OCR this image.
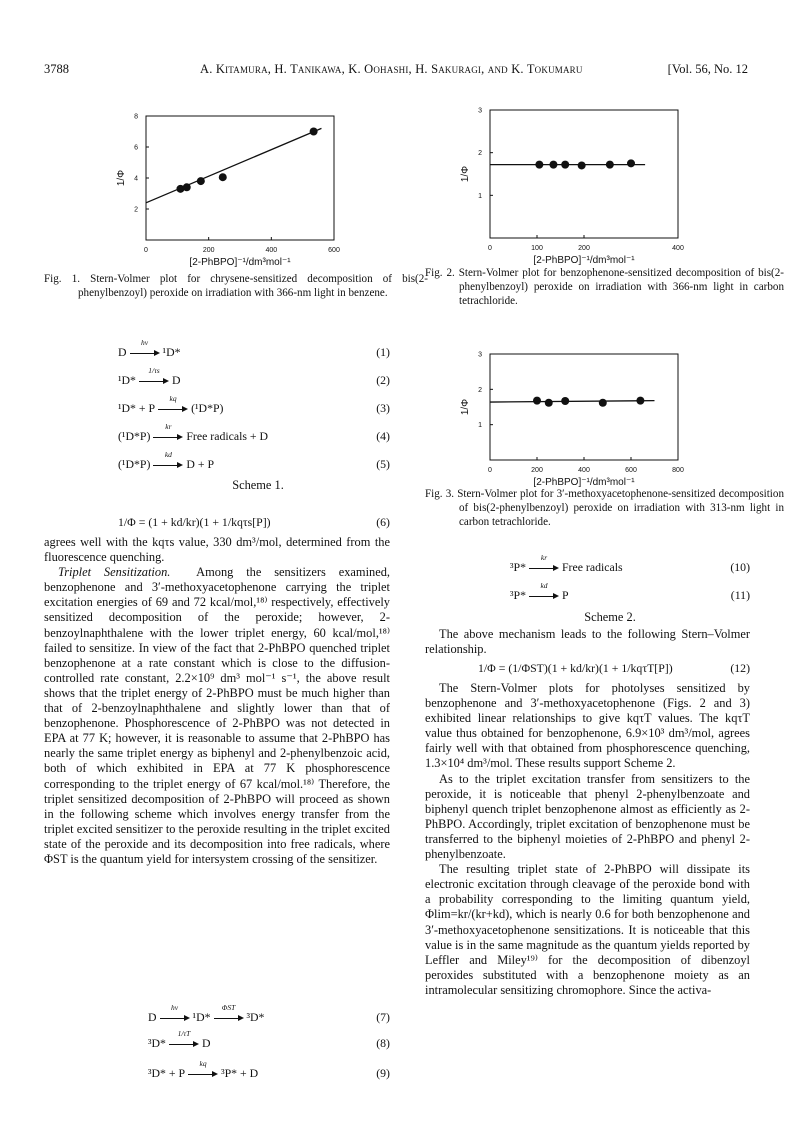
3788	A. Kitamura, H. Tanikawa, K. Oohashi, H. Sakuragi, and K. Tokumaru	[Vol. 56, No. 12
0	200	400	600
2
4
6
8
[2-PhBPO]⁻¹/dm³mol⁻¹
1/Φ
Fig. 1. Stern-Volmer plot for chrysene-sensitized decomposition of bis(2-phenylbenzoyl) peroxide on irradiation with 366-nm light in benzene.
0	100	200	400
1
2
3
[2-PhBPO]⁻¹/dm³mol⁻¹
1/Φ
Fig. 2. Stern-Volmer plot for benzophenone-sensitized decomposition of bis(2-phenylbenzoyl) peroxide on irradiation with 366-nm light in carbon tetrachloride.
0	200	400	600	800
1
2
3
[2-PhBPO]⁻¹/dm³mol⁻¹
1/Φ
Fig. 3. Stern-Volmer plot for 3′-methoxyacetophenone-sensitized decomposition of bis(2-phenylbenzoyl) peroxide on irradiation with 313-nm light in carbon tetrachloride.
D
hν
¹D*	(1)
¹D*
1/τs
D	(2)
¹D* + P
kq
(¹D*P)	(3)
(¹D*P)
kr
Free radicals + D	(4)
(¹D*P)
kd
D + P	(5)
Scheme 1.
1/Φ = (1 + kd/kr)(1 + 1/kqτs[P])	(6)

agrees well with the kqτs value, 330 dm³/mol, determined from the fluorescence quenching.

Triplet Sensitization. Among the sensitizers examined, benzophenone and 3′-methoxyacetophenone carrying the triplet excitation energies of 69 and 72 kcal/mol,¹⁸⁾ respectively, effectively sensitized decomposition of the peroxide; however, 2-benzoylnaphthalene with the lower triplet energy, 60 kcal/mol,¹⁸⁾ failed to sensitize. In view of the fact that 2-PhBPO quenched triplet benzophenone at a rate constant which is close to the diffusion-controlled rate constant, 2.2×10⁹ dm³ mol⁻¹ s⁻¹, the above result shows that the triplet energy of 2-PhBPO must be much higher than that of 2-benzoylnaphthalene and slightly lower than that of benzophenone. Phosphorescence of 2-PhBPO was not detected in EPA at 77 K; however, it is reasonable to assume that 2-PhBPO has nearly the same triplet energy as biphenyl and 2-phenylbenzoic acid, both of which exhibited in EPA at 77 K phosphorescence corresponding to the triplet energy of 67 kcal/mol.¹⁸⁾ Therefore, the triplet sensitized decomposition of 2-PhBPO will proceed as shown in the following scheme which involves energy transfer from the triplet excited sensitizer to the peroxide resulting in the triplet excited state of the peroxide and its decomposition into free radicals, where ΦST is the quantum yield for intersystem crossing of the sensitizer.

D
hν
¹D*
ΦST
³D*	(7)
³D*
1/τT
D	(8)
³D* + P
kq
³P* + D	(9)
³P*
kr
Free radicals	(10)
³P*
kd
P	(11)
Scheme 2.

The above mechanism leads to the following Stern–Volmer relationship.

1/Φ = (1/ΦST)(1 + kd/kr)(1 + 1/kqτT[P])	(12)

The Stern-Volmer plots for photolyses sensitized by benzophenone and 3′-methoxyacetophenone (Figs. 2 and 3) exhibited linear relationships to give kqτT values. The kqτT value thus obtained for benzophenone, 6.9×10³ dm³/mol, agrees fairly well with that obtained from phosphorescence quenching, 1.3×10⁴ dm³/mol. These results support Scheme 2.

As to the triplet excitation transfer from sensitizers to the peroxide, it is noticeable that phenyl 2-phenylbenzoate and biphenyl quench triplet benzophenone almost as efficiently as 2-PhBPO. Accordingly, triplet excitation of benzophenone must be transferred to the biphenyl moieties of 2-PhBPO and phenyl 2-phenylbenzoate.

The resulting triplet state of 2-PhBPO will dissipate its electronic excitation through cleavage of the peroxide bond with a probability corresponding to the limiting quantum yield, Φlim=kr/(kr+kd), which is nearly 0.6 for both benzophenone and 3′-methoxyacetophenone sensitizations. It is noticeable that this value is in the same magnitude as the quantum yields reported by Leffler and Miley¹⁹⁾ for the decomposition of dibenzoyl peroxides substituted with a benzophenone moiety as an intramolecular sensitizing chromophore. Since the activa-
